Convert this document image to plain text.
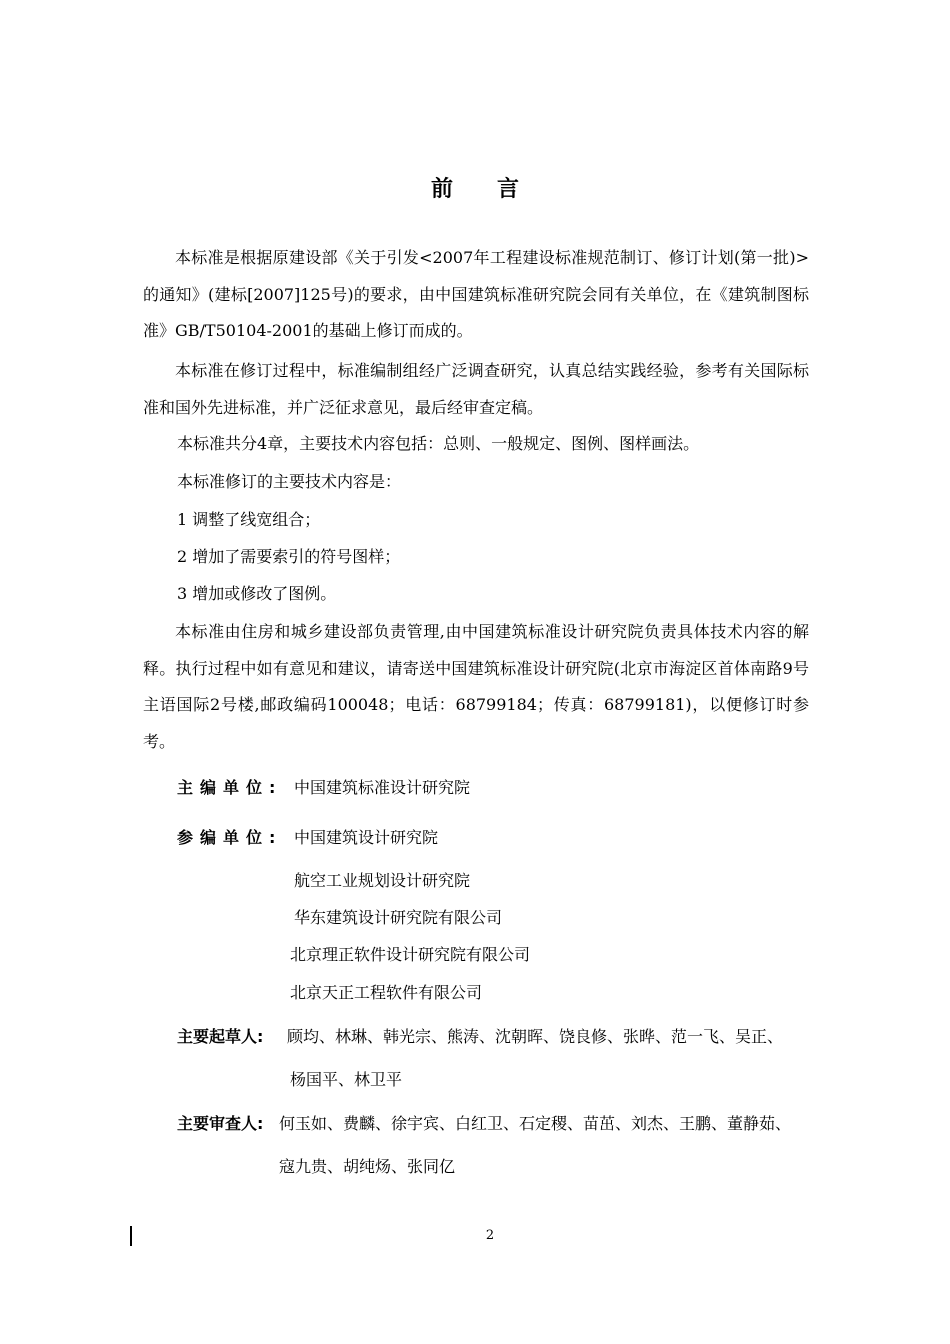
前言

本标准是根据原建设部《关于引发<2007年工程建设标准规范制订、修订计划(第一批)>的通知》(建标[2007]125号)的要求，由中国建筑标准研究院会同有关单位，在《建筑制图标准》GB/T50104-2001的基础上修订而成的。

本标准在修订过程中，标准编制组经广泛调查研究，认真总结实践经验，参考有关国际标准和国外先进标准，并广泛征求意见，最后经审查定稿。

本标准共分4章，主要技术内容包括：总则、一般规定、图例、图样画法。

本标准修订的主要技术内容是：

1 调整了线宽组合；

2 增加了需要索引的符号图样；

3 增加或修改了图例。

本标准由住房和城乡建设部负责管理,由中国建筑标准设计研究院负责具体技术内容的解释。执行过程中如有意见和建议，请寄送中国建筑标准设计研究院(北京市海淀区首体南路9号主语国际2号楼,邮政编码100048；电话：68799184；传真：68799181)，以便修订时参考。

主编单位: 中国建筑标准设计研究院
参编单位: 中国建筑设计研究院
航空工业规划设计研究院
华东建筑设计研究院有限公司
北京理正软件设计研究院有限公司
北京天正工程软件有限公司
主要起草人: 顾均、林琳、韩光宗、熊涛、沈朝晖、饶良修、张晔、范一飞、吴正、
杨国平、林卫平
主要审查人: 何玉如、费麟、徐宇宾、白红卫、石定稷、苗茁、刘杰、王鹏、董静茹、
寇九贵、胡纯炀、张同亿
2
